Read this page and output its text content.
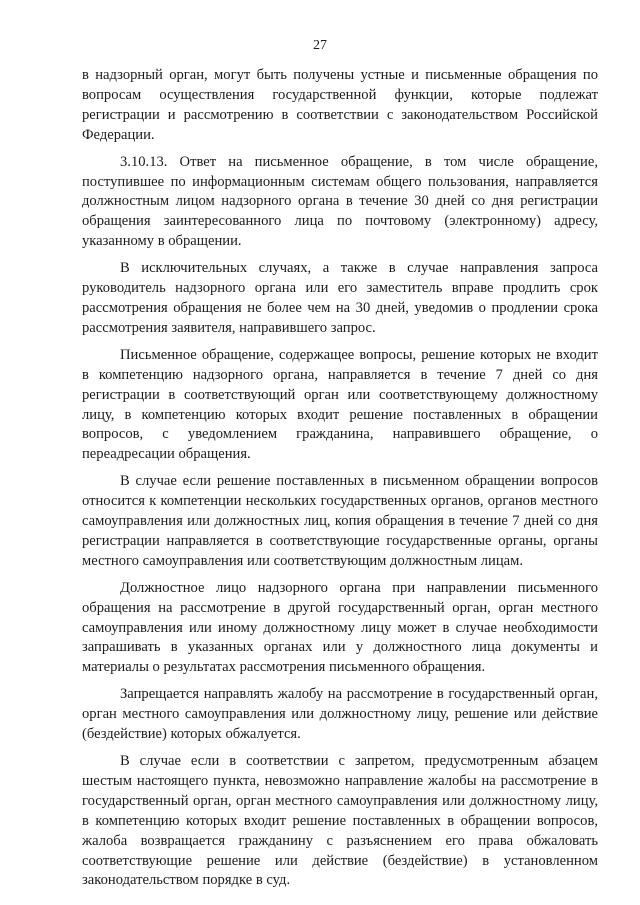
27

в надзорный орган, могут быть получены устные и письменные обращения по вопросам осуществления государственной функции, которые подлежат регистрации и рассмотрению в соответствии с законодательством Российской Федерации.

3.10.13. Ответ на письменное обращение, в том числе обращение, поступившее по информационным системам общего пользования, направляется должностным лицом надзорного органа в течение 30 дней со дня регистрации обращения заинтересованного лица по почтовому (электронному) адресу, указанному в обращении.

В исключительных случаях, а также в случае направления запроса руководитель надзорного органа или его заместитель вправе продлить срок рассмотрения обращения не более чем на 30 дней, уведомив о продлении срока рассмотрения заявителя, направившего запрос.

Письменное обращение, содержащее вопросы, решение которых не входит в компетенцию надзорного органа, направляется в течение 7 дней со дня регистрации в соответствующий орган или соответствующему должностному лицу, в компетенцию которых входит решение поставленных в обращении вопросов, с уведомлением гражданина, направившего обращение, о переадресации обращения.

В случае если решение поставленных в письменном обращении вопросов относится к компетенции нескольких государственных органов, органов местного самоуправления или должностных лиц, копия обращения в течение 7 дней со дня регистрации направляется в соответствующие государственные органы, органы местного самоуправления или соответствующим должностным лицам.

Должностное лицо надзорного органа при направлении письменного обращения на рассмотрение в другой государственный орган, орган местного самоуправления или иному должностному лицу может в случае необходимости запрашивать в указанных органах или у должностного лица документы и материалы о результатах рассмотрения письменного обращения.

Запрещается направлять жалобу на рассмотрение в государственный орган, орган местного самоуправления или должностному лицу, решение или действие (бездействие) которых обжалуется.

В случае если в соответствии с запретом, предусмотренным абзацем шестым настоящего пункта, невозможно направление жалобы на рассмотрение в государственный орган, орган местного самоуправления или должностному лицу, в компетенцию которых входит решение поставленных в обращении вопросов, жалоба возвращается гражданину с разъяснением его права обжаловать соответствующие решение или действие (бездействие) в установленном законодательством порядке в суд.
